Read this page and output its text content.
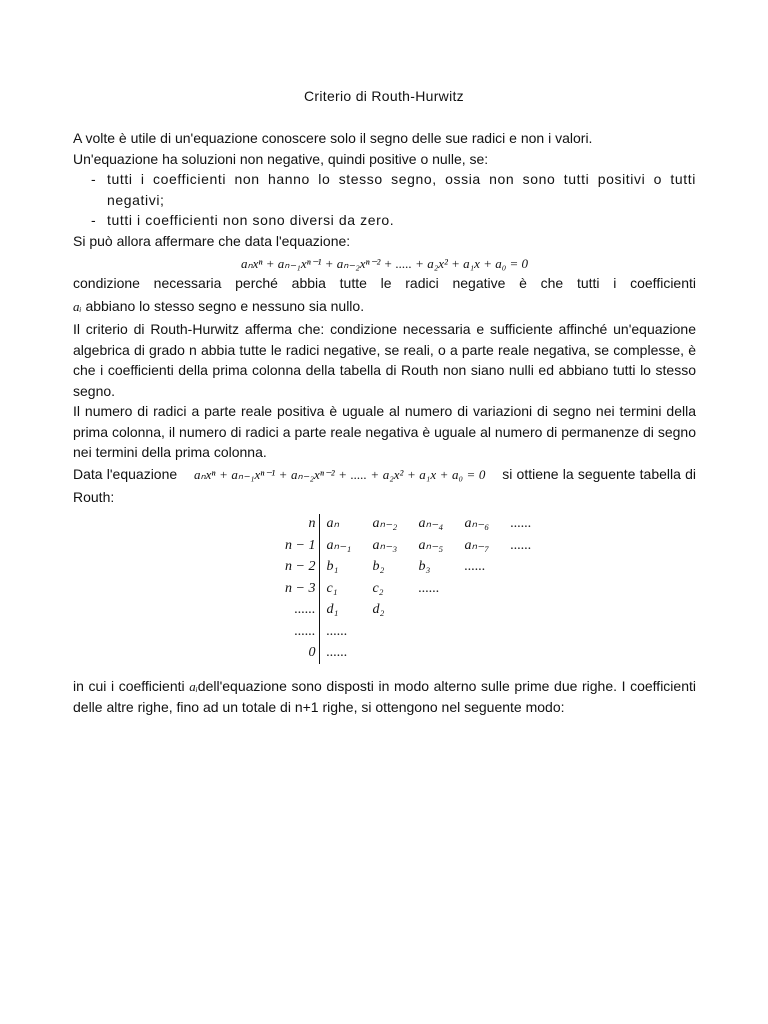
Criterio di Routh-Hurwitz

A volte è utile di un'equazione conoscere solo il segno delle sue radici e non i valori.

Un'equazione ha soluzioni non negative, quindi positive o nulle, se:

- tutti i coefficienti non hanno lo stesso segno, ossia non sono tutti positivi o tutti negativi;
- tutti i coefficienti non sono diversi da zero.

Si può allora affermare che data l'equazione:

aₙxⁿ + aₙ₋₁xⁿ⁻¹ + aₙ₋₂xⁿ⁻² + ..... + a₂x² + a₁x + a₀ = 0

condizione necessaria perché abbia tutte le radici negative è che tutti i coefficienti

aᵢ abbiano lo stesso segno e nessuno sia nullo.

Il criterio di Routh-Hurwitz afferma che: condizione necessaria e sufficiente affinché un'equazione algebrica di grado n abbia tutte le radici negative, se reali, o a parte reale negativa, se complesse, è che i coefficienti della prima colonna della tabella di Routh non siano nulli ed abbiano tutti lo stesso segno.

Il numero di radici a parte reale positiva è uguale al numero di variazioni di segno nei termini della prima colonna, il numero di radici a parte reale negativa è uguale al numero di permanenze di segno nei termini della prima colonna.

Data l'equazione aₙxⁿ + aₙ₋₁xⁿ⁻¹ + aₙ₋₂xⁿ⁻² + ..... + a₂x² + a₁x + a₀ = 0 si ottiene la seguente tabella di Routh:

n	aₙ	aₙ₋₂	aₙ₋₄	aₙ₋₆	......
n − 1	aₙ₋₁	aₙ₋₃	aₙ₋₅	aₙ₋₇	......
n − 2	b₁	b₂	b₃	......	
n − 3	c₁	c₂	......		
......	d₁	d₂			
......	......				
0	......				

in cui i coefficienti aᵢdell'equazione sono disposti in modo alterno sulle prime due righe. I coefficienti delle altre righe, fino ad un totale di n+1 righe, si ottengono nel seguente modo:
